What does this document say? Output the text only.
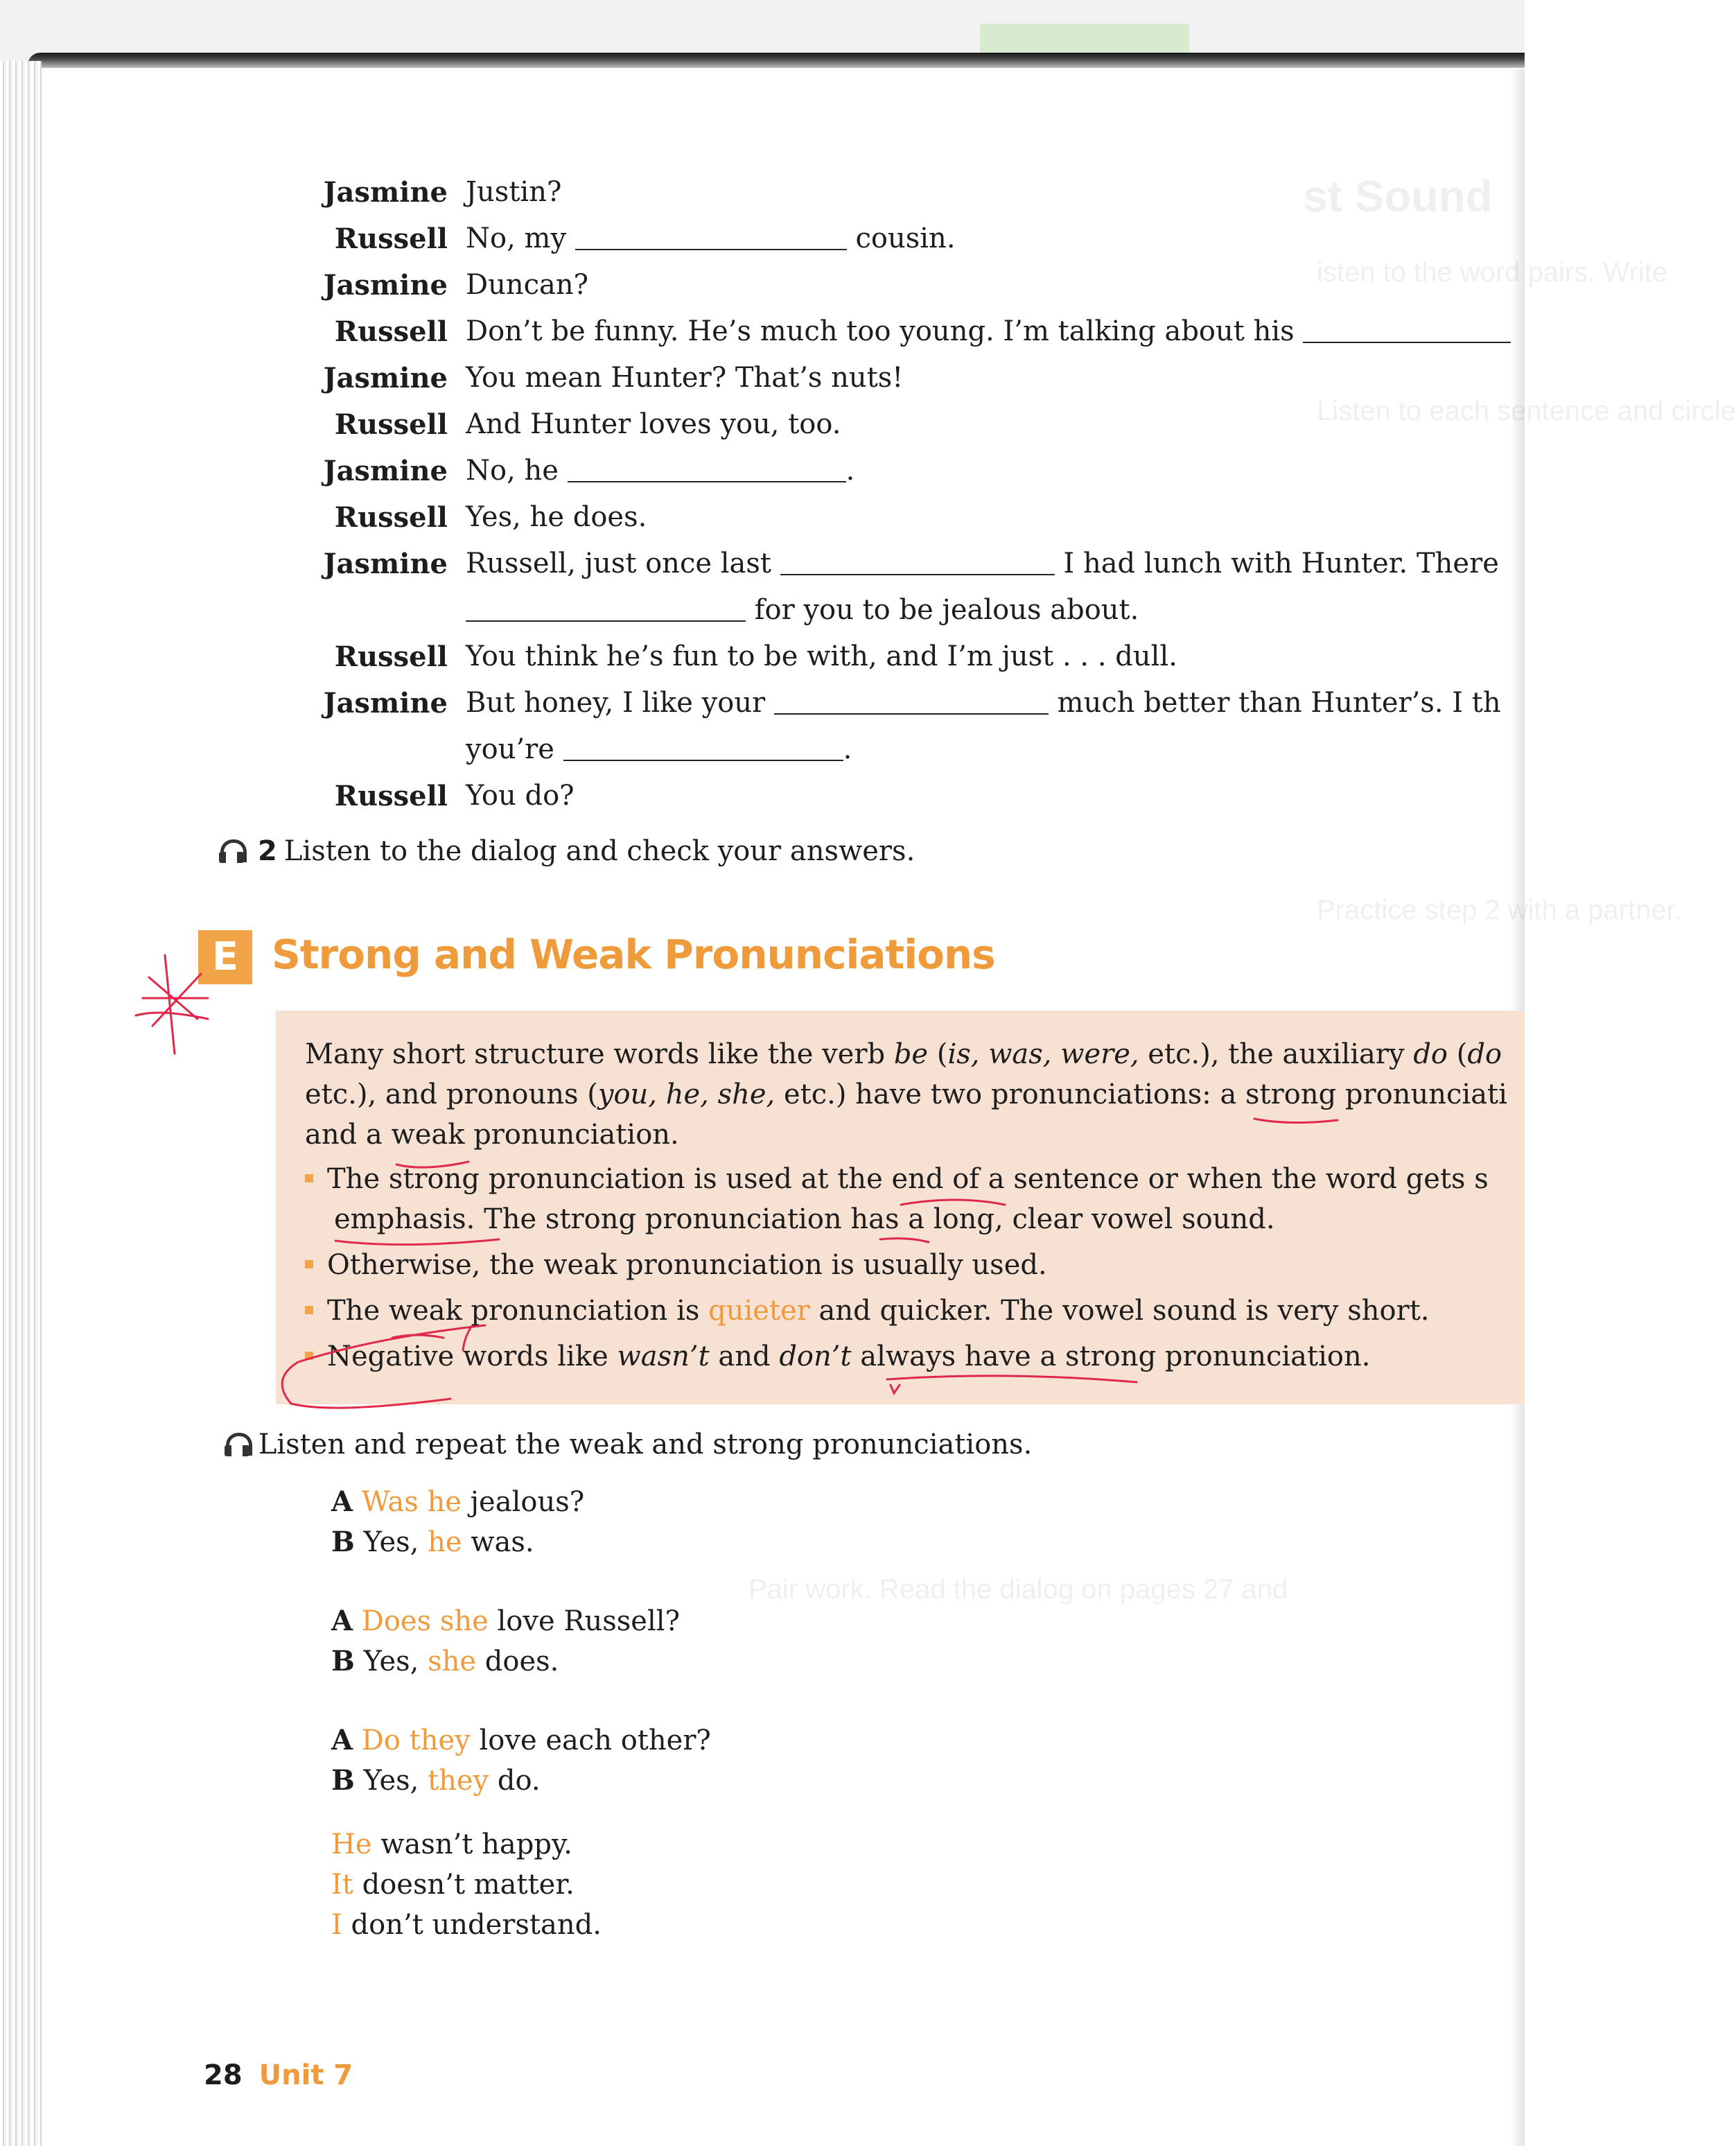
st Sound
isten to the word pairs. Write
Listen to each sentence and circle
Practice step 2 with a partner.
Pair work. Read the dialog on pages 27 and
Jasmine Justin?
Russell No, my	cousin.
Jasmine Duncan?
Russell Don’t be funny. He’s much too young. I’m talking about his
Jasmine You mean Hunter? That’s nuts!
Russell And Hunter loves you, too.
Jasmine No, he	.
Russell Yes, he does.
Jasmine Russell, just once last	I had lunch with Hunter. There
for you to be jealous about.
Russell You think he’s fun to be with, and I’m just . . . dull.
Jasmine But honey, I like your	much better than Hunter’s. I th
you’re	.
Russell You do?
2 Listen to the dialog and check your answers.
E Strong and Weak Pronunciations
Many short structure words like the verb be (is, was, were, etc.), the auxiliary do (do
etc.), and pronouns (you, he, she, etc.) have two pronunciations: a strong pronunciati
and a weak pronunciation.
The strong pronunciation is used at the end of a sentence or when the word gets s
emphasis. The strong pronunciation has a long, clear vowel sound.
Otherwise, the weak pronunciation is usually used.
The weak pronunciation is quieter and quicker. The vowel sound is very short.
Negative words like wasn’t and don’t always have a strong pronunciation.
Listen and repeat the weak and strong pronunciations.
A Was he jealous?
B Yes, he was.
A Does she love Russell?
B Yes, she does.
A Do they love each other?
B Yes, they do.
He wasn’t happy.
It doesn’t matter.
I don’t understand.
28 Unit 7
